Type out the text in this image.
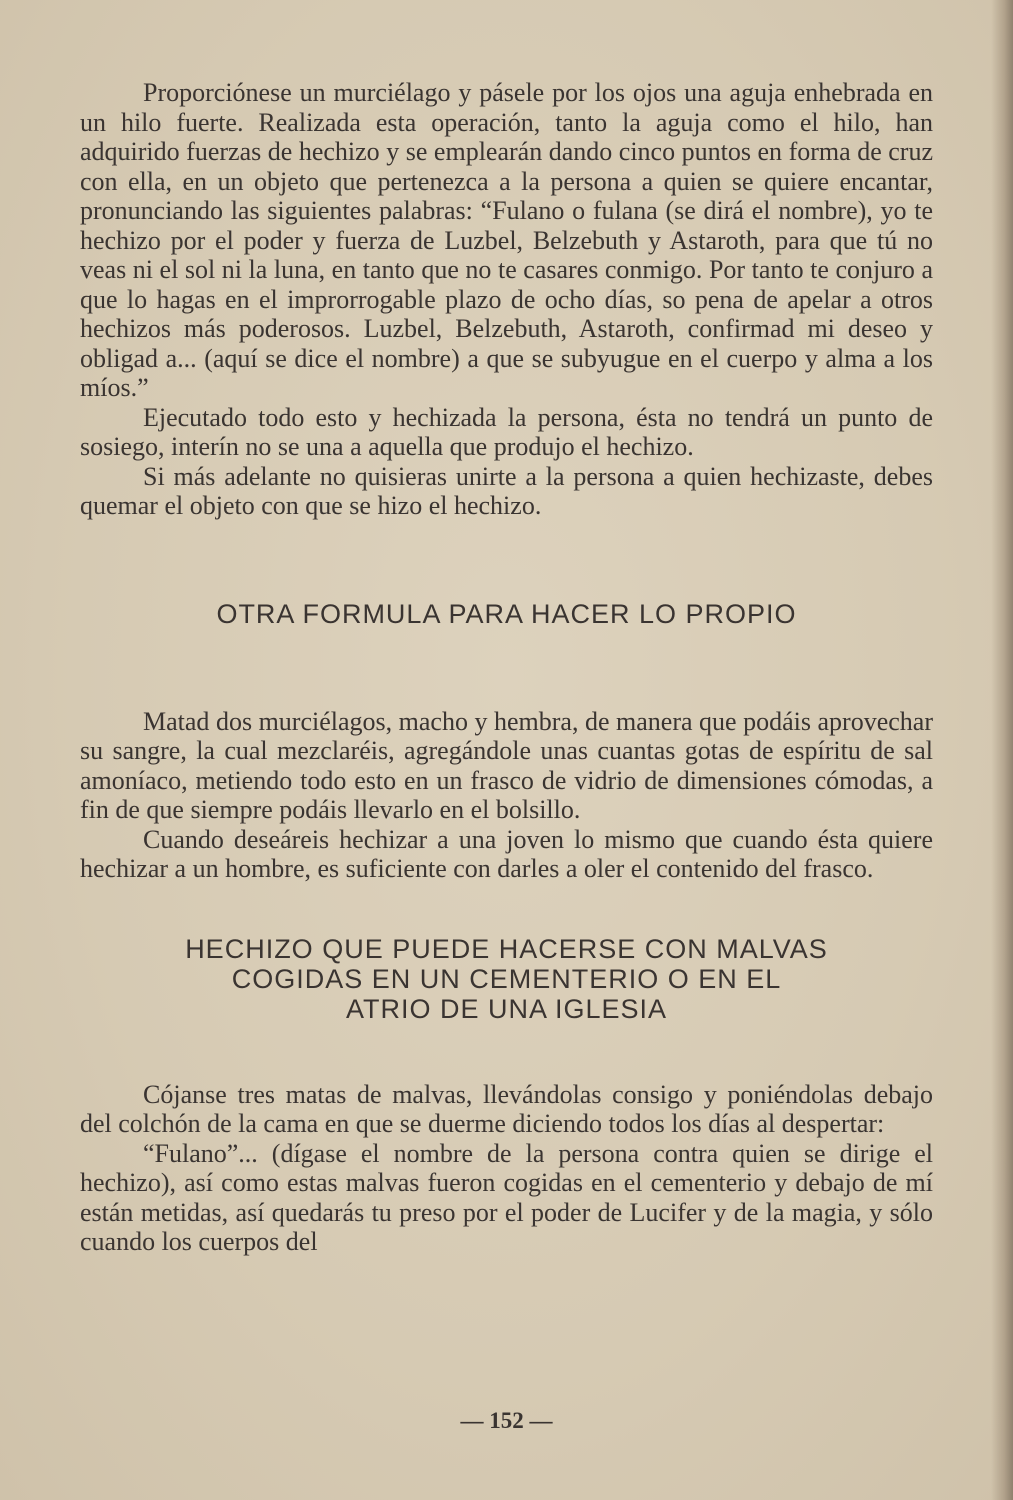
Proporciónese un murciélago y pásele por los ojos una aguja enhebrada en un hilo fuerte. Realizada esta operación, tanto la aguja como el hilo, han adquirido fuerzas de hechizo y se emplearán dando cinco puntos en forma de cruz con ella, en un objeto que pertenezca a la persona a quien se quiere encantar, pronunciando las siguientes palabras: “Fulano o fulana (se dirá el nombre), yo te hechizo por el poder y fuerza de Luzbel, Belzebuth y Astaroth, para que tú no veas ni el sol ni la luna, en tanto que no te casares conmigo. Por tanto te conjuro a que lo hagas en el improrrogable plazo de ocho días, so pena de apelar a otros hechizos más poderosos. Luzbel, Belzebuth, Astaroth, confirmad mi deseo y obligad a... (aquí se dice el nombre) a que se subyugue en el cuerpo y alma a los míos.”

Ejecutado todo esto y hechizada la persona, ésta no tendrá un punto de sosiego, interín no se una a aquella que produjo el hechizo.

Si más adelante no quisieras unirte a la persona a quien hechizaste, debes quemar el objeto con que se hizo el hechizo.

OTRA FORMULA PARA HACER LO PROPIO

Matad dos murciélagos, macho y hembra, de manera que podáis aprovechar su sangre, la cual mezclaréis, agregándole unas cuantas gotas de espíritu de sal amoníaco, metiendo todo esto en un frasco de vidrio de dimensiones cómodas, a fin de que siempre podáis llevarlo en el bolsillo.

Cuando deseáreis hechizar a una joven lo mismo que cuando ésta quiere hechizar a un hombre, es suficiente con darles a oler el contenido del frasco.

HECHIZO QUE PUEDE HACERSE CON MALVAS
COGIDAS EN UN CEMENTERIO O EN EL
ATRIO DE UNA IGLESIA

Cójanse tres matas de malvas, llevándolas consigo y poniéndolas debajo del colchón de la cama en que se duerme diciendo todos los días al despertar:

“Fulano”... (dígase el nombre de la persona contra quien se dirige el hechizo), así como estas malvas fueron cogidas en el cementerio y debajo de mí están metidas, así quedarás tu preso por el poder de Lucifer y de la magia, y sólo cuando los cuerpos del

— 152 —
